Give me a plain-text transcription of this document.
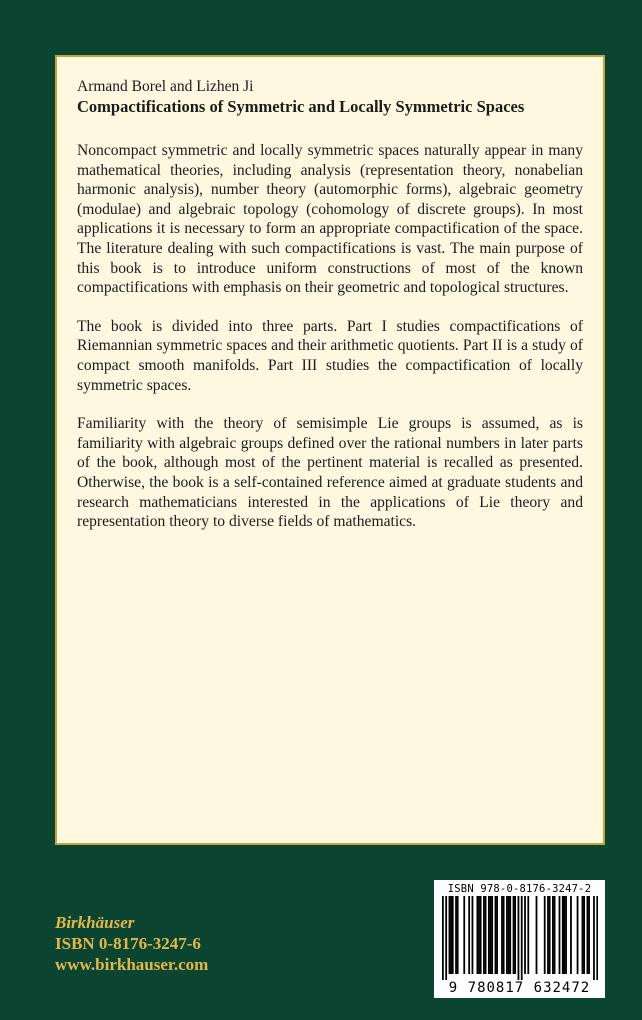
Armand Borel and Lizhen Ji

Compactifications of Symmetric and Locally Symmetric Spaces

Noncompact symmetric and locally symmetric spaces naturally appear in many mathematical theories, including analysis (representation theory, nonabelian harmonic analysis), number theory (automorphic forms), algebraic geometry (modulae) and algebraic topology (cohomology of discrete groups). In most applications it is necessary to form an appropriate compactification of the space. The literature dealing with such compactifications is vast. The main purpose of this book is to introduce uniform constructions of most of the known compactifications with emphasis on their geometric and topological structures.

The book is divided into three parts. Part I studies compactifications of Riemannian symmetric spaces and their arithmetic quotients. Part II is a study of compact smooth manifolds. Part III studies the compactification of locally symmetric spaces.

Familiarity with the theory of semisimple Lie groups is assumed, as is familiarity with algebraic groups defined over the rational numbers in later parts of the book, although most of the pertinent material is recalled as presented. Otherwise, the book is a self-contained reference aimed at graduate students and research mathematicians interested in the applications of Lie theory and representation theory to diverse fields of mathematics.

Birkhäuser
ISBN 0-8176-3247-6
www.birkhauser.com
ISBN 978-0-8176-3247-2
9 780817 632472
